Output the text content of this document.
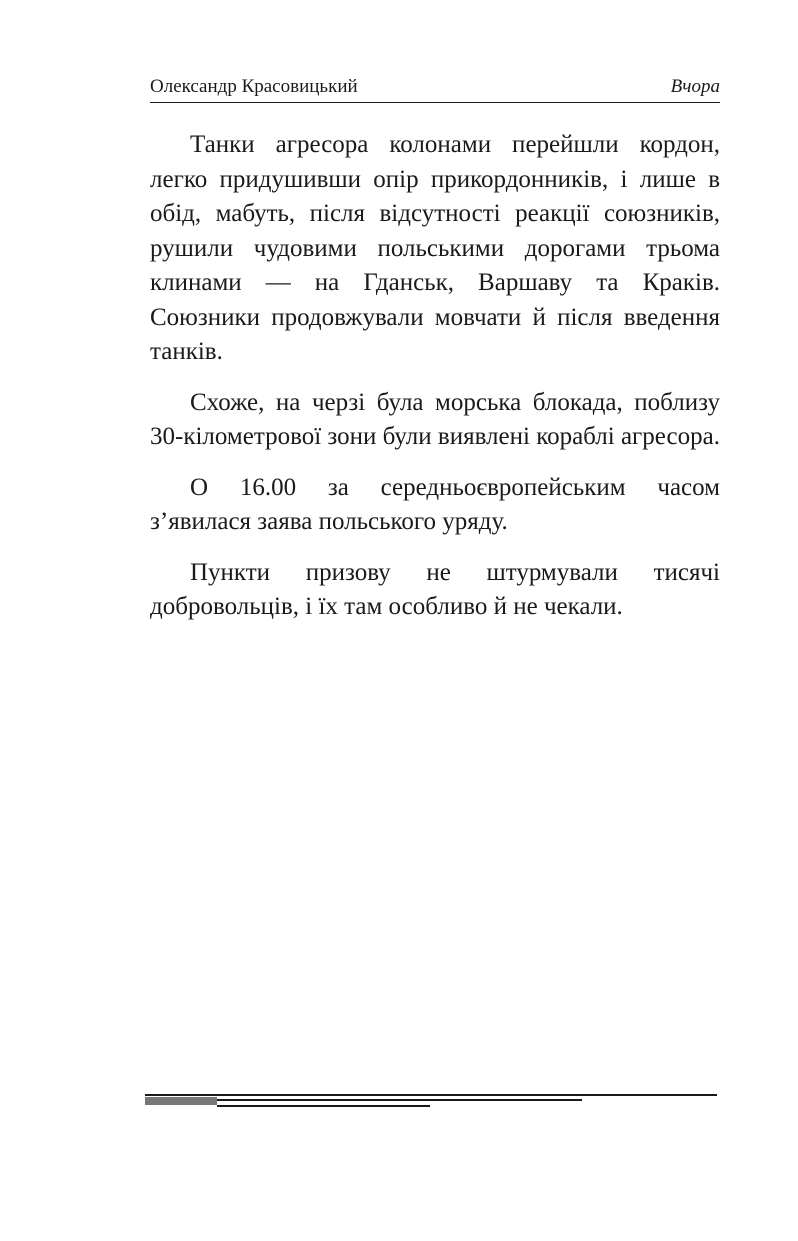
Олександр Красовицький	Вчора

Танки агресора колонами перейшли кордон, легко придушивши опір прикордонників, і лише в обід, мабуть, після відсутності реакції союзників, рушили чудовими польськими дорогами трьома клинами — на Гданськ, Варшаву та Краків. Союзники продовжували мовчати й після введення танків.

Схоже, на черзі була морська блокада, поблизу 30-кілометрової зони були виявлені кораблі агресора.

О 16.00 за середньоєвропейським часом з’явилася заява польського уряду.

Пункти призову не штурмували тисячі добровольців, і їх там особливо й не чекали.
